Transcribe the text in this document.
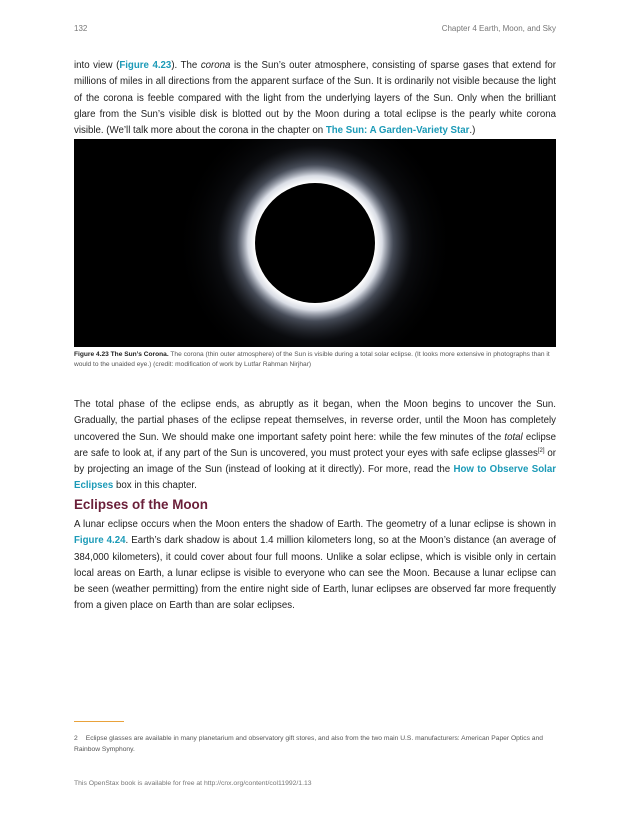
132	Chapter 4 Earth, Moon, and Sky

into view (Figure 4.23). The corona is the Sun’s outer atmosphere, consisting of sparse gases that extend for millions of miles in all directions from the apparent surface of the Sun. It is ordinarily not visible because the light of the corona is feeble compared with the light from the underlying layers of the Sun. Only when the brilliant glare from the Sun’s visible disk is blotted out by the Moon during a total eclipse is the pearly white corona visible. (We’ll talk more about the corona in the chapter on The Sun: A Garden-Variety Star.)

Figure 4.23 The Sun’s Corona. The corona (thin outer atmosphere) of the Sun is visible during a total solar eclipse. (It looks more extensive in photographs than it would to the unaided eye.) (credit: modification of work by Lutfar Rahman Nirjhar)

The total phase of the eclipse ends, as abruptly as it began, when the Moon begins to uncover the Sun. Gradually, the partial phases of the eclipse repeat themselves, in reverse order, until the Moon has completely uncovered the Sun. We should make one important safety point here: while the few minutes of the total eclipse are safe to look at, if any part of the Sun is uncovered, you must protect your eyes with safe eclipse glasses[2] or by projecting an image of the Sun (instead of looking at it directly). For more, read the How to Observe Solar Eclipses box in this chapter.

Eclipses of the Moon

A lunar eclipse occurs when the Moon enters the shadow of Earth. The geometry of a lunar eclipse is shown in Figure 4.24. Earth’s dark shadow is about 1.4 million kilometers long, so at the Moon’s distance (an average of 384,000 kilometers), it could cover about four full moons. Unlike a solar eclipse, which is visible only in certain local areas on Earth, a lunar eclipse is visible to everyone who can see the Moon. Because a lunar eclipse can be seen (weather permitting) from the entire night side of Earth, lunar eclipses are observed far more frequently from a given place on Earth than are solar eclipses.

2 Eclipse glasses are available in many planetarium and observatory gift stores, and also from the two main U.S. manufacturers: American Paper Optics and Rainbow Symphony.
This OpenStax book is available for free at http://cnx.org/content/col11992/1.13
